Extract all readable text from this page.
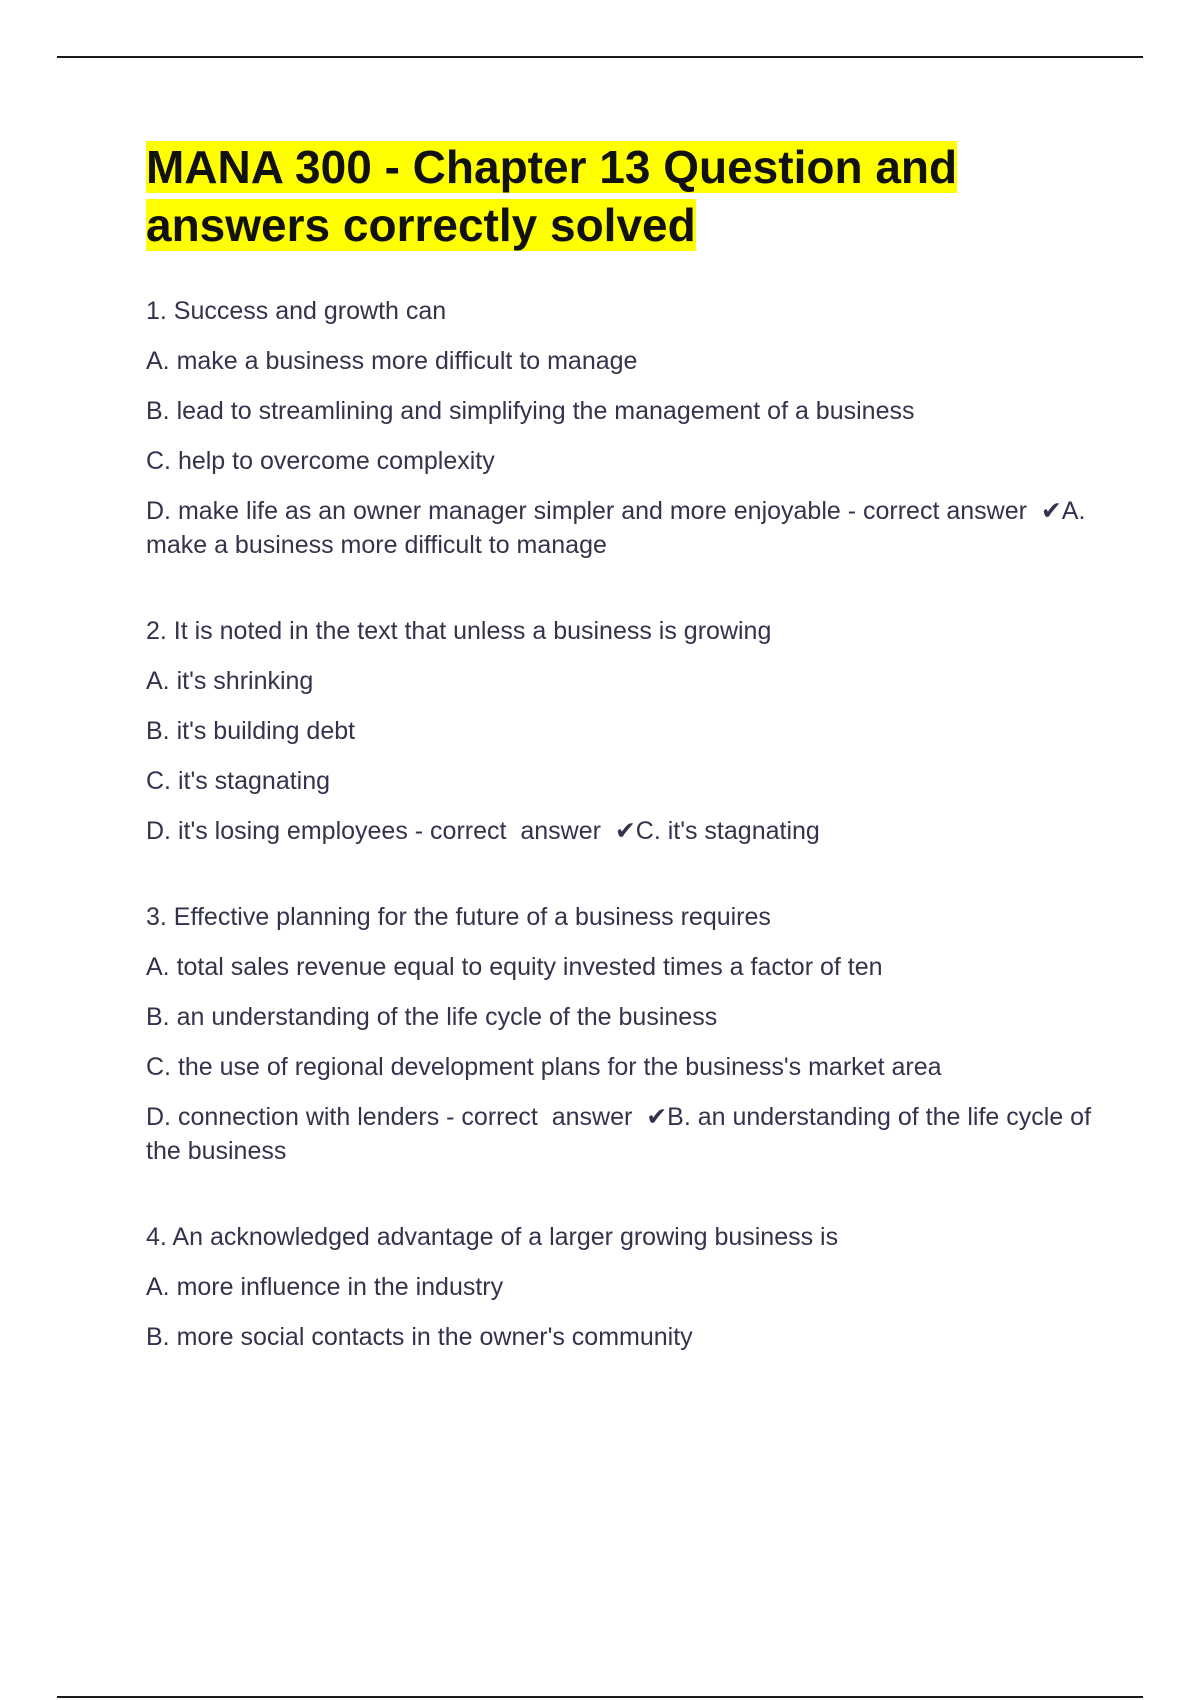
MANA 300 - Chapter 13 Question and answers correctly solved

1. Success and growth can

A. make a business more difficult to manage

B. lead to streamlining and simplifying the management of a business

C. help to overcome complexity

D. make life as an owner manager simpler and more enjoyable - correct answer  ✔A. make a business more difficult to manage

2. It is noted in the text that unless a business is growing

A. it's shrinking

B. it's building debt

C. it's stagnating

D. it's losing employees - correct  answer  ✔C. it's stagnating

3. Effective planning for the future of a business requires

A. total sales revenue equal to equity invested times a factor of ten

B. an understanding of the life cycle of the business

C. the use of regional development plans for the business's market area

D. connection with lenders - correct  answer  ✔B. an understanding of the life cycle of the business

4. An acknowledged advantage of a larger growing business is

A. more influence in the industry

B. more social contacts in the owner's community
